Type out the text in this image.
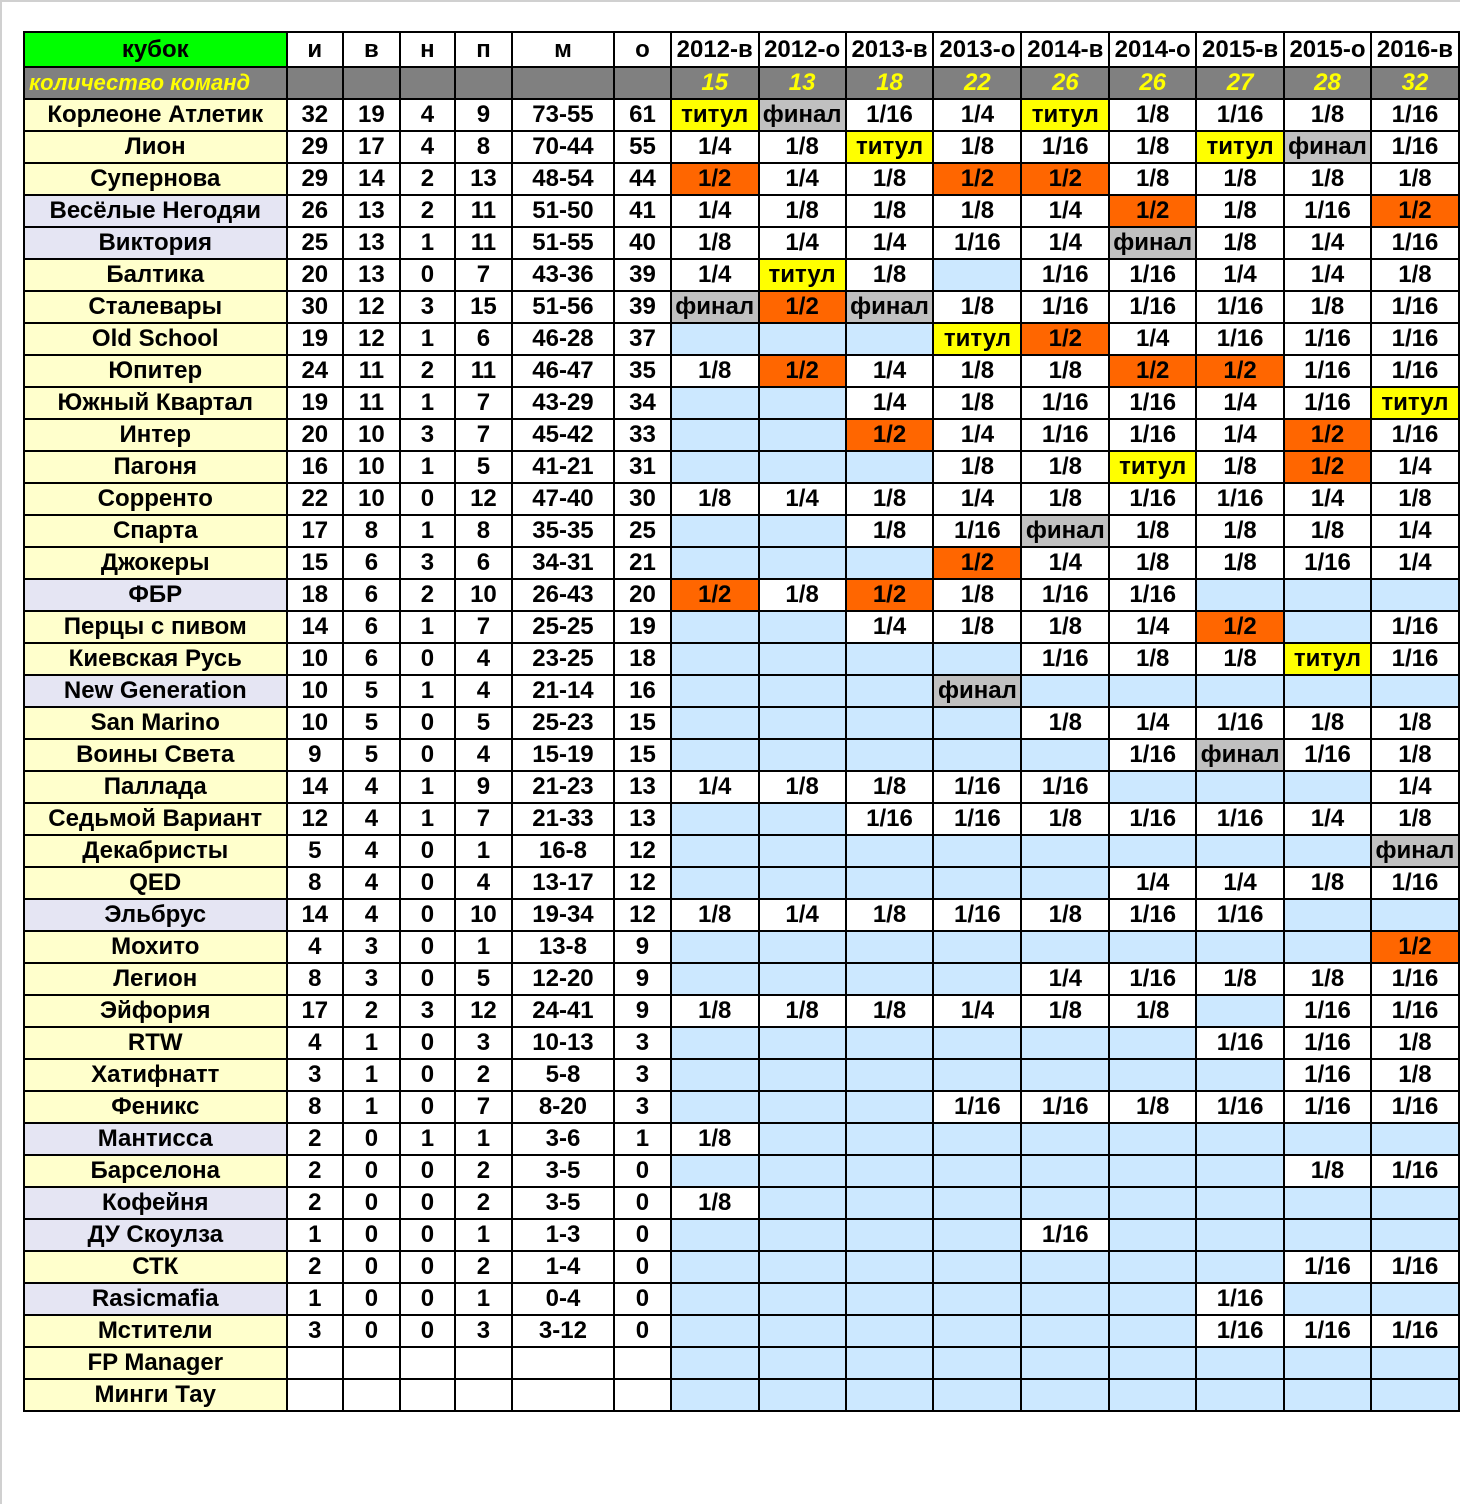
кубок	и	в	н	п	м	о	2012-в	2012-о	2013-в	2013-о	2014-в	2014-о	2015-в	2015-о	2016-в
количество команд							15	13	18	22	26	26	27	28	32
Корлеоне Атлетик	32	19	4	9	73-55	61	титул	финал	1/16	1/4	титул	1/8	1/16	1/8	1/16
Лион	29	17	4	8	70-44	55	1/4	1/8	титул	1/8	1/16	1/8	титул	финал	1/16
Супернова	29	14	2	13	48-54	44	1/2	1/4	1/8	1/2	1/2	1/8	1/8	1/8	1/8
Весёлые Негодяи	26	13	2	11	51-50	41	1/4	1/8	1/8	1/8	1/4	1/2	1/8	1/16	1/2
Виктория	25	13	1	11	51-55	40	1/8	1/4	1/4	1/16	1/4	финал	1/8	1/4	1/16
Балтика	20	13	0	7	43-36	39	1/4	титул	1/8		1/16	1/16	1/4	1/4	1/8
Сталевары	30	12	3	15	51-56	39	финал	1/2	финал	1/8	1/16	1/16	1/16	1/8	1/16
Old School	19	12	1	6	46-28	37				титул	1/2	1/4	1/16	1/16	1/16
Юпитер	24	11	2	11	46-47	35	1/8	1/2	1/4	1/8	1/8	1/2	1/2	1/16	1/16
Южный Квартал	19	11	1	7	43-29	34			1/4	1/8	1/16	1/16	1/4	1/16	титул
Интер	20	10	3	7	45-42	33			1/2	1/4	1/16	1/16	1/4	1/2	1/16
Пагоня	16	10	1	5	41-21	31				1/8	1/8	титул	1/8	1/2	1/4
Сорренто	22	10	0	12	47-40	30	1/8	1/4	1/8	1/4	1/8	1/16	1/16	1/4	1/8
Спарта	17	8	1	8	35-35	25			1/8	1/16	финал	1/8	1/8	1/8	1/4
Джокеры	15	6	3	6	34-31	21				1/2	1/4	1/8	1/8	1/16	1/4
ФБР	18	6	2	10	26-43	20	1/2	1/8	1/2	1/8	1/16	1/16			
Перцы с пивом	14	6	1	7	25-25	19			1/4	1/8	1/8	1/4	1/2		1/16
Киевская Русь	10	6	0	4	23-25	18					1/16	1/8	1/8	титул	1/16
New Generation	10	5	1	4	21-14	16				финал					
San Marino	10	5	0	5	25-23	15					1/8	1/4	1/16	1/8	1/8
Воины Света	9	5	0	4	15-19	15						1/16	финал	1/16	1/8
Паллада	14	4	1	9	21-23	13	1/4	1/8	1/8	1/16	1/16				1/4
Седьмой Вариант	12	4	1	7	21-33	13			1/16	1/16	1/8	1/16	1/16	1/4	1/8
Декабристы	5	4	0	1	16-8	12									финал
QED	8	4	0	4	13-17	12						1/4	1/4	1/8	1/16
Эльбрус	14	4	0	10	19-34	12	1/8	1/4	1/8	1/16	1/8	1/16	1/16		
Мохито	4	3	0	1	13-8	9									1/2
Легион	8	3	0	5	12-20	9					1/4	1/16	1/8	1/8	1/16
Эйфория	17	2	3	12	24-41	9	1/8	1/8	1/8	1/4	1/8	1/8		1/16	1/16
RTW	4	1	0	3	10-13	3							1/16	1/16	1/8
Хатифнатт	3	1	0	2	5-8	3								1/16	1/8
Феникс	8	1	0	7	8-20	3				1/16	1/16	1/8	1/16	1/16	1/16
Мантисса	2	0	1	1	3-6	1	1/8								
Барселона	2	0	0	2	3-5	0								1/8	1/16
Кофейня	2	0	0	2	3-5	0	1/8								
ДУ Скоулза	1	0	0	1	1-3	0					1/16				
СТК	2	0	0	2	1-4	0								1/16	1/16
Rasicmafia	1	0	0	1	0-4	0							1/16		
Мстители	3	0	0	3	3-12	0							1/16	1/16	1/16
FP Manager															
Минги Тау															
